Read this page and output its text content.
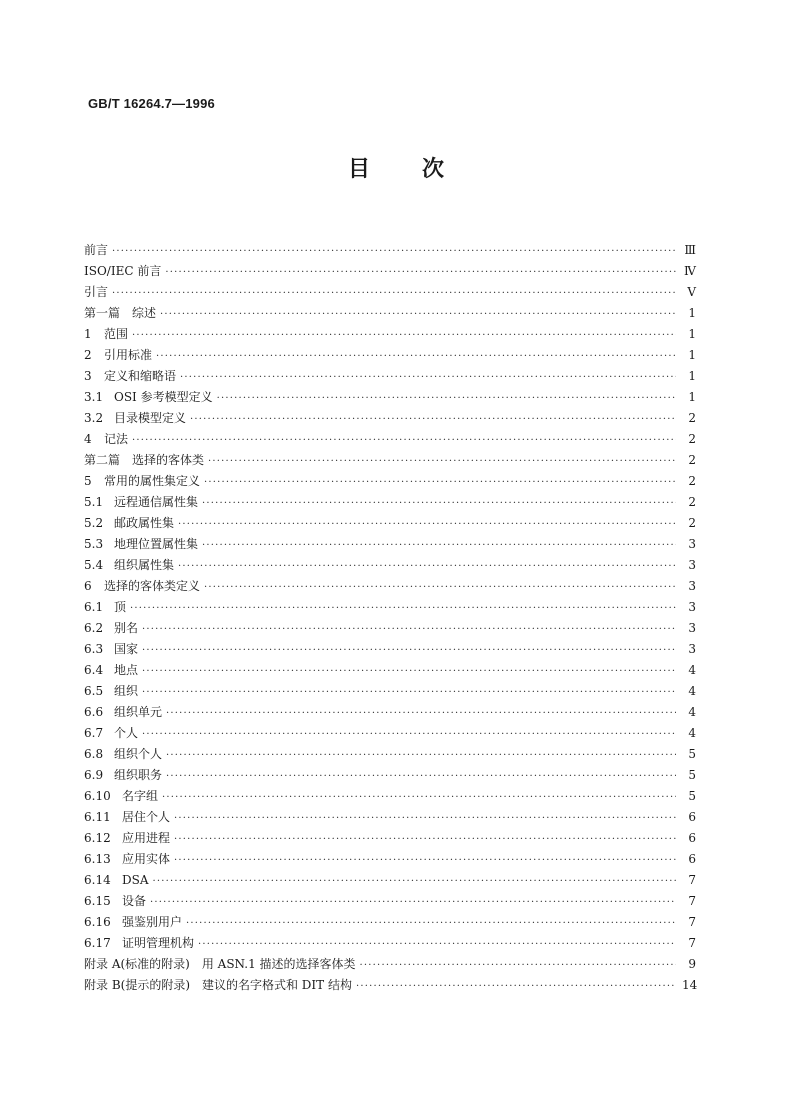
GB/T 16264.7—1996
目 次
前言 ·····	Ⅲ
ISO/IEC 前言 ·····	Ⅳ
引言 ·····	Ⅴ
第一篇　综述 ·····	1
1	范围 ·····	1
2	引用标准 ·····	1
3	定义和缩略语 ·····	1
3.1 OSI 参考模型定义 ·····	1
3.2 目录模型定义 ·····	2
4	记法 ·····	2
第二篇　选择的客体类 ·····	2
5	常用的属性集定义 ·····	2
5.1 远程通信属性集 ·····	2
5.2 邮政属性集 ·····	2
5.3 地理位置属性集 ·····	3
5.4 组织属性集 ·····	3
6	选择的客体类定义 ·····	3
6.1 顶 ·····	3
6.2 别名 ·····	3
6.3 国家 ·····	3
6.4 地点 ·····	4
6.5 组织 ·····	4
6.6 组织单元 ·····	4
6.7 个人 ·····	4
6.8 组织个人 ·····	5
6.9 组织职务 ·····	5
6.10 名字组 ·····	5
6.11 居住个人 ·····	6
6.12 应用进程 ·····	6
6.13 应用实体 ·····	6
6.14 DSA ·····	7
6.15 设备 ·····	7
6.16 强鉴别用户 ·····	7
6.17 证明管理机构 ·····	7
附录 A(标准的附录)　用 ASN.1 描述的选择客体类 ·····	9
附录 B(提示的附录)　建议的名字格式和 DIT 结构 ·····	14
